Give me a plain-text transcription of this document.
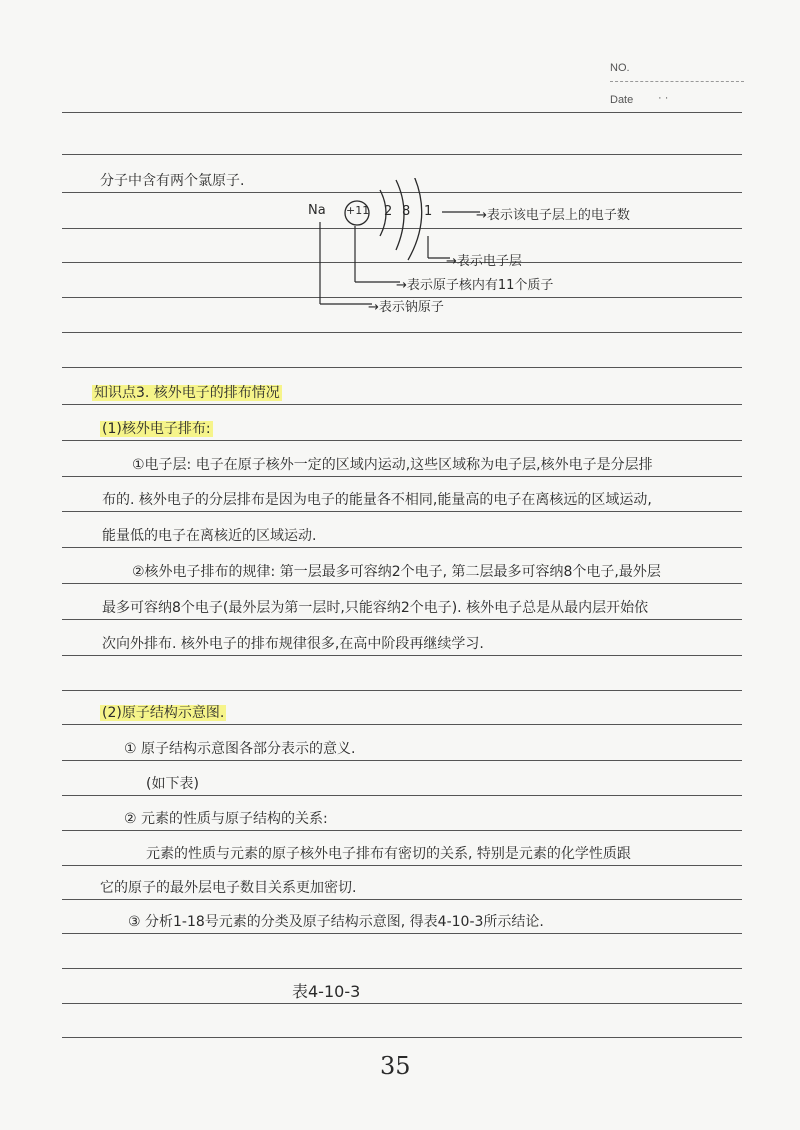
NO.
Date · ·
分子中含有两个氯原子.
Na +11 2 8 1	→表示该电子层上的电子数
→表示电子层
→表示原子核内有11个质子
→表示钠原子
知识点3. 核外电子的排布情况
(1)核外电子排布:
①电子层: 电子在原子核外一定的区域内运动,这些区域称为电子层,核外电子是分层排
布的. 核外电子的分层排布是因为电子的能量各不相同,能量高的电子在离核远的区域运动,
能量低的电子在离核近的区域运动.
②核外电子排布的规律: 第一层最多可容纳2个电子, 第二层最多可容纳8个电子,最外层
最多可容纳8个电子(最外层为第一层时,只能容纳2个电子). 核外电子总是从最内层开始依
次向外排布. 核外电子的排布规律很多,在高中阶段再继续学习.
(2)原子结构示意图.
① 原子结构示意图各部分表示的意义.
(如下表)
② 元素的性质与原子结构的关系:
元素的性质与元素的原子核外电子排布有密切的关系, 特别是元素的化学性质跟
它的原子的最外层电子数目关系更加密切.
③ 分析1-18号元素的分类及原子结构示意图, 得表4-10-3所示结论.
表4-10-3
35
